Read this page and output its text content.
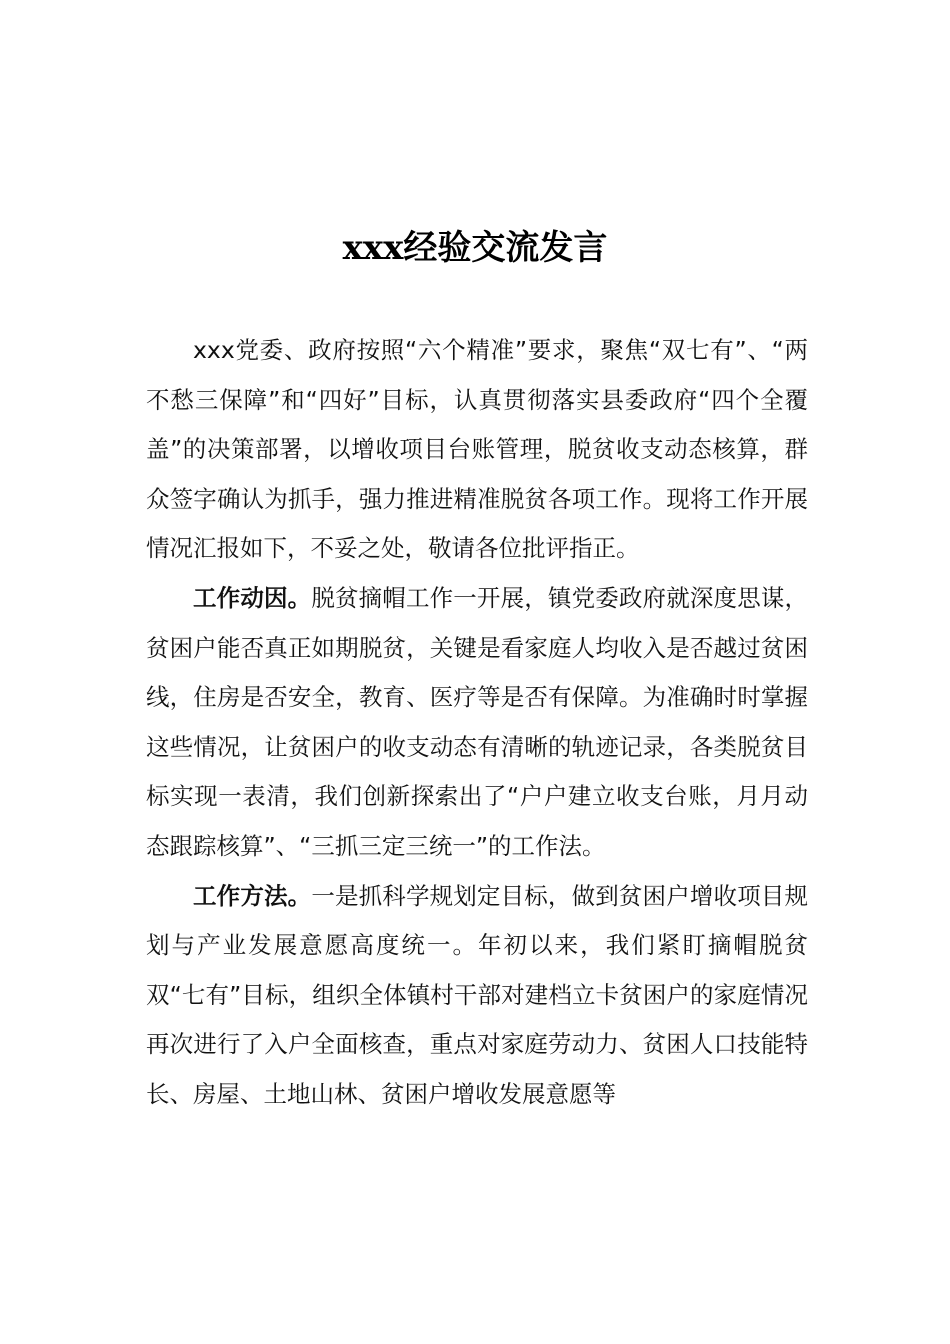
xxx经验交流发言

xxx党委、政府按照“六个精准”要求，聚焦“双七有”、“两不愁三保障”和“四好”目标，认真贯彻落实县委政府“四个全覆盖”的决策部署，以增收项目台账管理，脱贫收支动态核算，群众签字确认为抓手，强力推进精准脱贫各项工作。现将工作开展情况汇报如下，不妥之处，敬请各位批评指正。

工作动因。脱贫摘帽工作一开展，镇党委政府就深度思谋，贫困户能否真正如期脱贫，关键是看家庭人均收入是否越过贫困线，住房是否安全，教育、医疗等是否有保障。为准确时时掌握这些情况，让贫困户的收支动态有清晰的轨迹记录，各类脱贫目标实现一表清，我们创新探索出了“户户建立收支台账，月月动态跟踪核算”、“三抓三定三统一”的工作法。

工作方法。一是抓科学规划定目标，做到贫困户增收项目规划与产业发展意愿高度统一。年初以来，我们紧盯摘帽脱贫双“七有”目标，组织全体镇村干部对建档立卡贫困户的家庭情况再次进行了入户全面核查，重点对家庭劳动力、贫困人口技能特长、房屋、土地山林、贫困户增收发展意愿等
